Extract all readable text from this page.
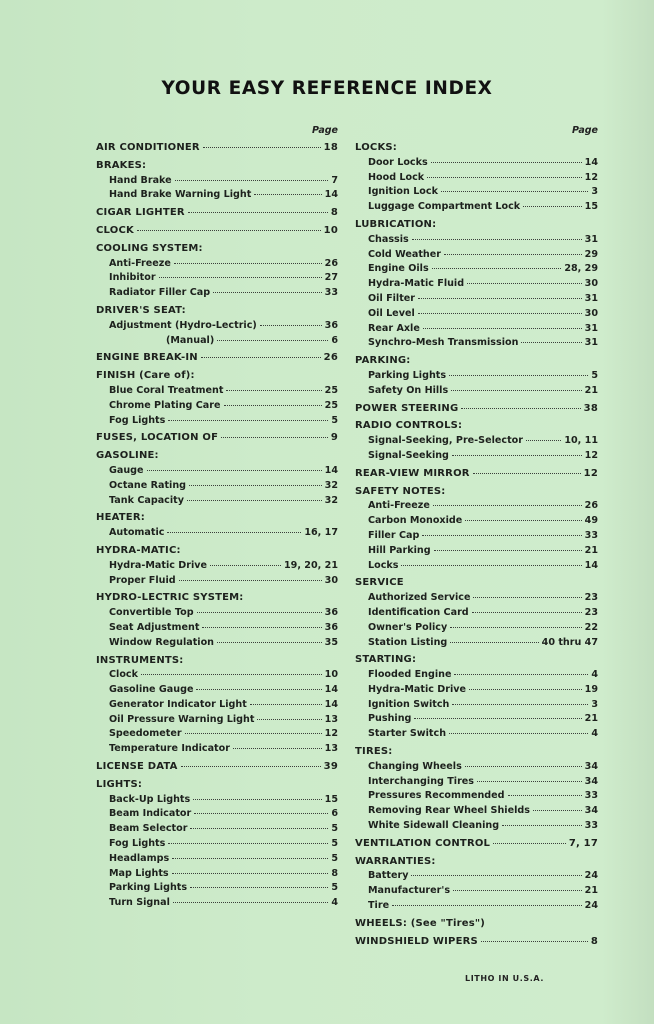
YOUR EASY REFERENCE INDEX
Page
AIR CONDITIONER	18
BRAKES:
Hand Brake	7
Hand Brake Warning Light	14
CIGAR LIGHTER	8
CLOCK	10
COOLING SYSTEM:
Anti-Freeze	26
Inhibitor	27
Radiator Filler Cap	33
DRIVER'S SEAT:
Adjustment (Hydro-Lectric)	36
(Manual)	6
ENGINE BREAK-IN	26
FINISH (Care of):
Blue Coral Treatment	25
Chrome Plating Care	25
Fog Lights	5
FUSES, LOCATION OF	9
GASOLINE:
Gauge	14
Octane Rating	32
Tank Capacity	32
HEATER:
Automatic	16, 17
HYDRA-MATIC:
Hydra-Matic Drive	19, 20, 21
Proper Fluid	30
HYDRO-LECTRIC SYSTEM:
Convertible Top	36
Seat Adjustment	36
Window Regulation	35
INSTRUMENTS:
Clock	10
Gasoline Gauge	14
Generator Indicator Light	14
Oil Pressure Warning Light	13
Speedometer	12
Temperature Indicator	13
LICENSE DATA	39
LIGHTS:
Back-Up Lights	15
Beam Indicator	6
Beam Selector	5
Fog Lights	5
Headlamps	5
Map Lights	8
Parking Lights	5
Turn Signal	4
Page
LOCKS:
Door Locks	14
Hood Lock	12
Ignition Lock	3
Luggage Compartment Lock	15
LUBRICATION:
Chassis	31
Cold Weather	29
Engine Oils	28, 29
Hydra-Matic Fluid	30
Oil Filter	31
Oil Level	30
Rear Axle	31
Synchro-Mesh Transmission	31
PARKING:
Parking Lights	5
Safety On Hills	21
POWER STEERING	38
RADIO CONTROLS:
Signal-Seeking, Pre-Selector	10, 11
Signal-Seeking	12
REAR-VIEW MIRROR	12
SAFETY NOTES:
Anti-Freeze	26
Carbon Monoxide	49
Filler Cap	33
Hill Parking	21
Locks	14
SERVICE
Authorized Service	23
Identification Card	23
Owner's Policy	22
Station Listing	40 thru 47
STARTING:
Flooded Engine	4
Hydra-Matic Drive	19
Ignition Switch	3
Pushing	21
Starter Switch	4
TIRES:
Changing Wheels	34
Interchanging Tires	34
Pressures Recommended	33
Removing Rear Wheel Shields	34
White Sidewall Cleaning	33
VENTILATION CONTROL	7, 17
WARRANTIES:
Battery	24
Manufacturer's	21
Tire	24
WHEELS: (See "Tires")
WINDSHIELD WIPERS	8
LITHO IN U.S.A.
